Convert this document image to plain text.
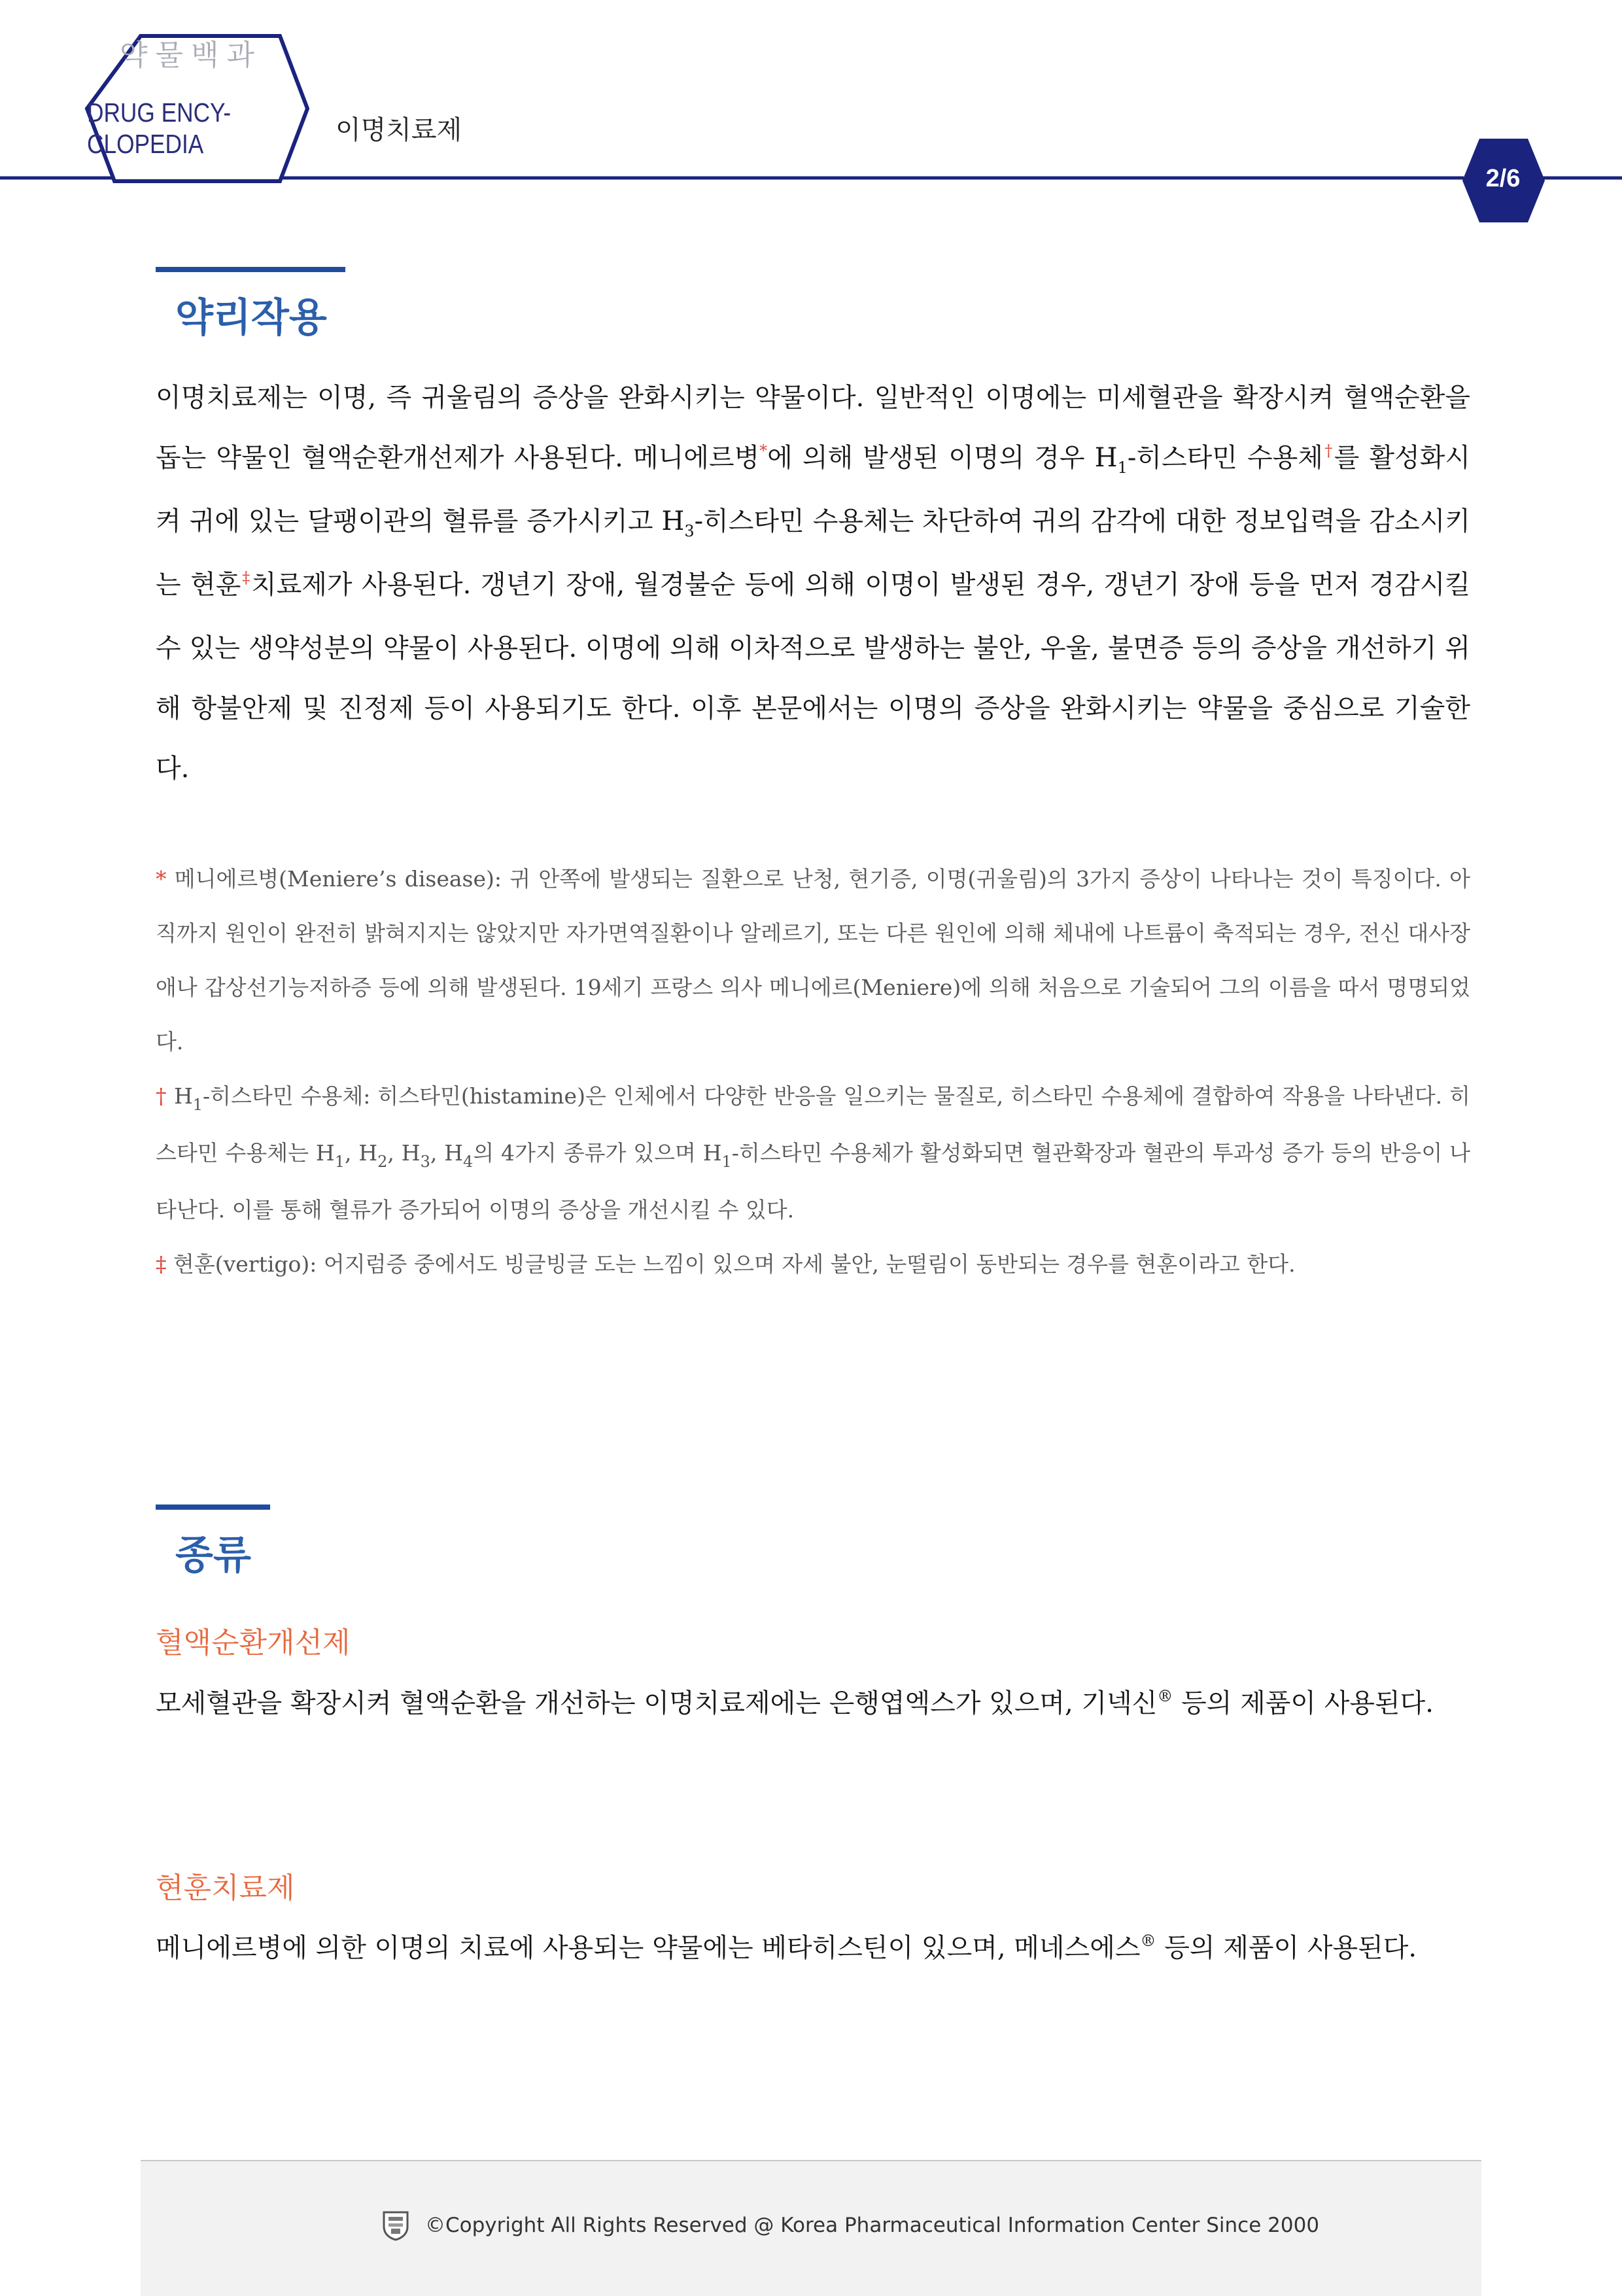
약물백과
DRUG ENCY-
CLOPEDIA	이명치료제
2/6
약리작용

이명치료제는 이명, 즉 귀울림의 증상을 완화시키는 약물이다. 일반적인 이명에는 미세혈관을 확장시켜 혈액순환을 돕는 약물인 혈액순환개선제가 사용된다. 메니에르병*에 의해 발생된 이명의 경우 $H_1-$히스타민 수용체†를 활성화시켜 귀에 있는 달팽이관의 혈류를 증가시키고 $H_3-$히스타민 수용체는 차단하여 귀의 감각에 대한 정보입력을 감소시키는 현훈‡치료제가 사용된다. 갱년기 장애, 월경불순 등에 의해 이명이 발생된 경우, 갱년기 장애 등을 먼저 경감시킬 수 있는 생약성분의 약물이 사용된다. 이명에 의해 이차적으로 발생하는 불안, 우울, 불면증 등의 증상을 개선하기 위해 항불안제 및 진정제 등이 사용되기도 한다. 이후 본문에서는 이명의 증상을 완화시키는 약물을 중심으로 기술한다.

* 메니에르병(Meniere’s disease): 귀 안쪽에 발생되는 질환으로 난청, 현기증, 이명(귀울림)의 3가지 증상이 나타나는 것이 특징이다. 아직까지 원인이 완전히 밝혀지지는 않았지만 자가면역질환이나 알레르기, 또는 다른 원인에 의해 체내에 나트륨이 축적되는 경우, 전신 대사장애나 갑상선기능저하증 등에 의해 발생된다. 19세기 프랑스 의사 메니에르(Meniere)에 의해 처음으로 기술되어 그의 이름을 따서 명명되었다.

† $H_1-$히스타민 수용체: 히스타민(histamine)은 인체에서 다양한 반응을 일으키는 물질로, 히스타민 수용체에 결합하여 작용을 나타낸다. 히스타민 수용체는 $H_1$, $H_2$, $H_3$, $H_4$의 4가지 종류가 있으며 $H_1-$히스타민 수용체가 활성화되면 혈관확장과 혈관의 투과성 증가 등의 반응이 나타난다. 이를 통해 혈류가 증가되어 이명의 증상을 개선시킬 수 있다.

‡ 현훈(vertigo): 어지럼증 중에서도 빙글빙글 도는 느낌이 있으며 자세 불안, 눈떨림이 동반되는 경우를 현훈이라고 한다.

종류
혈액순환개선제

모세혈관을 확장시켜 혈액순환을 개선하는 이명치료제에는 은행엽엑스가 있으며, 기넥신® 등의 제품이 사용된다.

현훈치료제

메니에르병에 의한 이명의 치료에 사용되는 약물에는 베타히스틴이 있으며, 메네스에스® 등의 제품이 사용된다.

©Copyright All Rights Reserved @ Korea Pharmaceutical Information Center Since 2000
